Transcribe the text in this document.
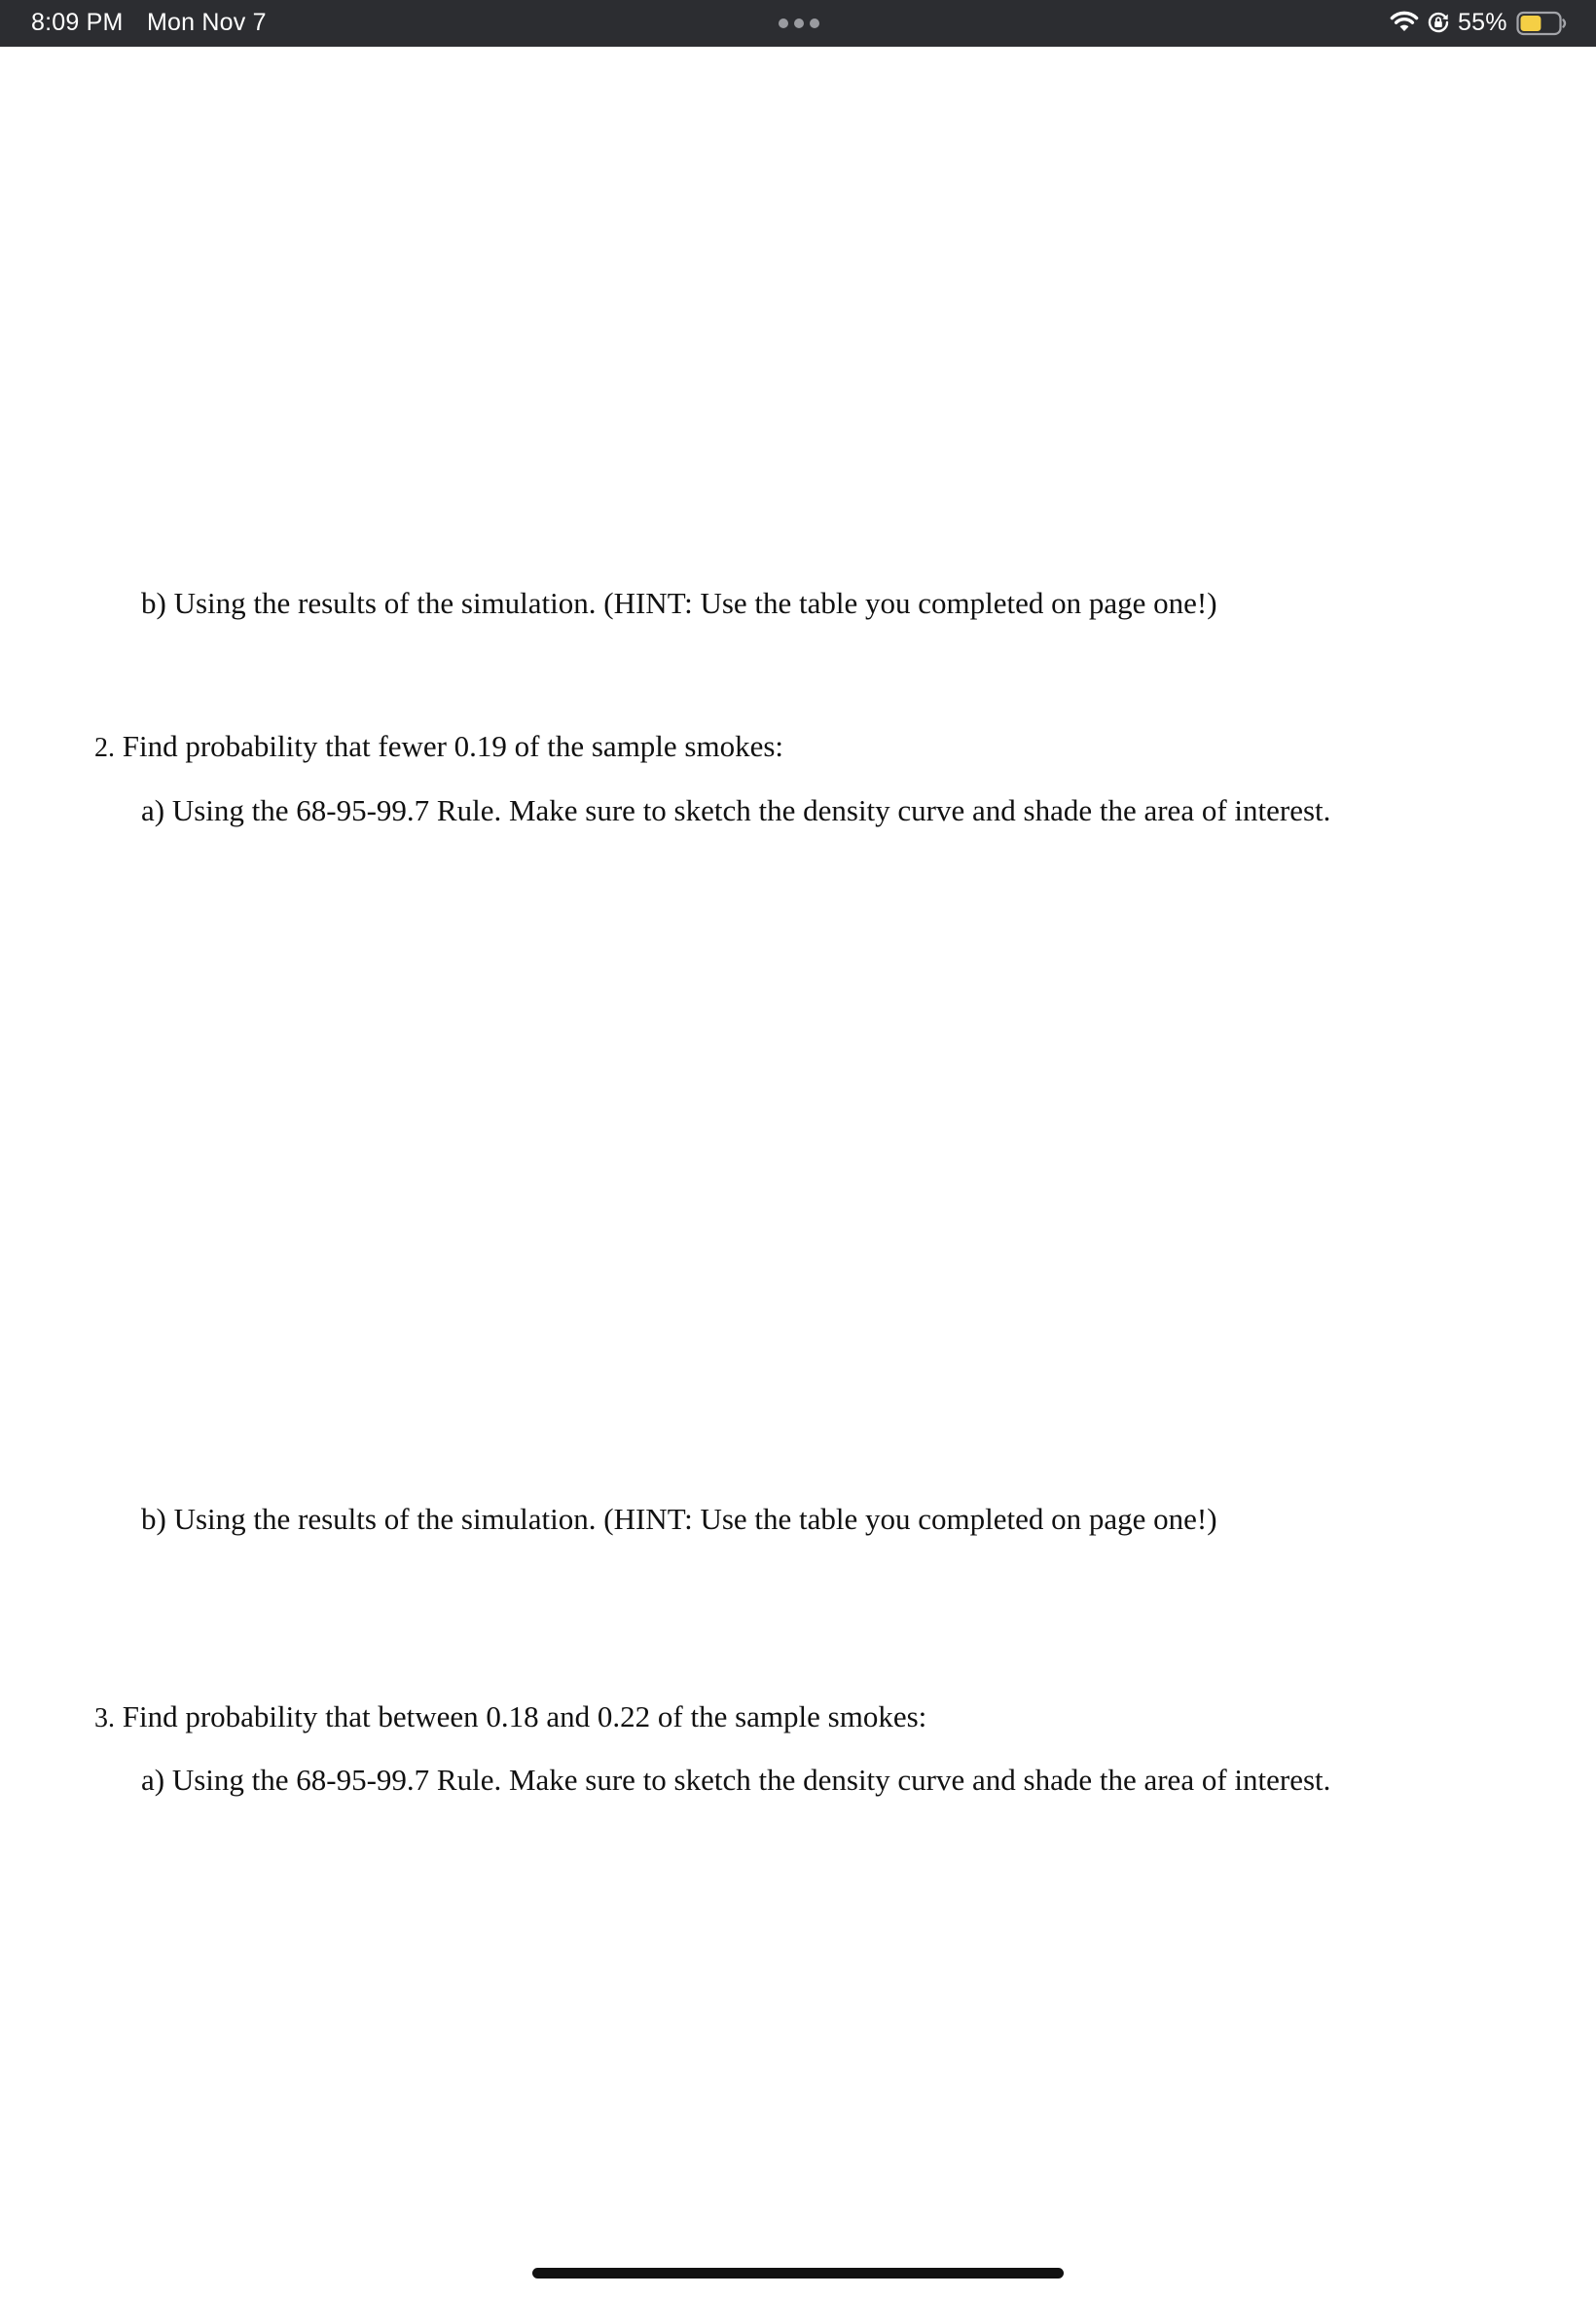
8:09 PM Mon Nov 7	55%
b) Using the results of the simulation. (HINT: Use the table you completed on page one!)
2. Find probability that fewer 0.19 of the sample smokes:
a) Using the 68-95-99.7 Rule. Make sure to sketch the density curve and shade the area of interest.
b) Using the results of the simulation. (HINT: Use the table you completed on page one!)
3. Find probability that between 0.18 and 0.22 of the sample smokes:
a) Using the 68-95-99.7 Rule. Make sure to sketch the density curve and shade the area of interest.
